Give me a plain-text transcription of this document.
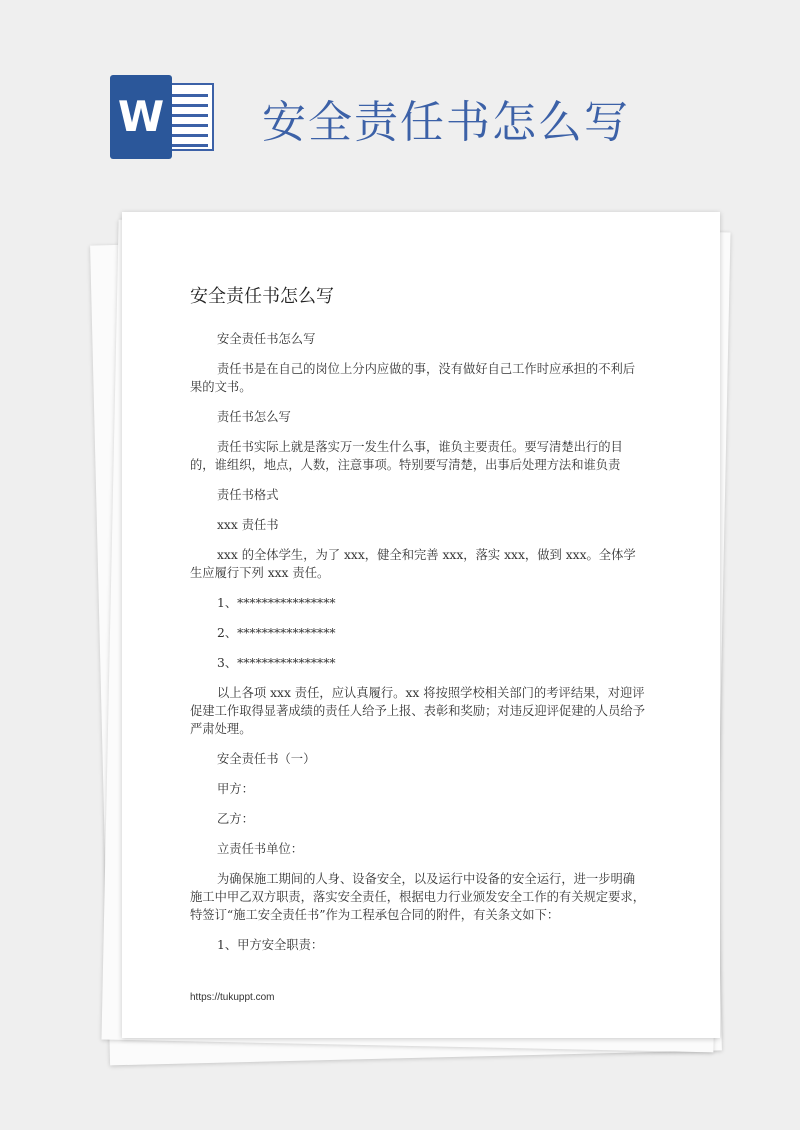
W 安全责任书怎么写
安全责任书怎么写

安全责任书怎么写

责任书是在自己的岗位上分内应做的事，没有做好自己工作时应承担的不利后果的文书。

责任书怎么写

责任书实际上就是落实万一发生什么事，谁负主要责任。要写清楚出行的目的，谁组织，地点，人数，注意事项。特别要写清楚，出事后处理方法和谁负责

责任书格式

xxx 责任书

xxx 的全体学生，为了 xxx，健全和完善 xxx，落实 xxx，做到 xxx。全体学生应履行下列 xxx 责任。

1、****************

2、****************

3、****************

以上各项 xxx 责任，应认真履行。xx 将按照学校相关部门的考评结果，对迎评促建工作取得显著成绩的责任人给予上报、表彰和奖励；对违反迎评促建的人员给予严肃处理。

安全责任书（一）

甲方：

乙方：

立责任书单位：

为确保施工期间的人身、设备安全，以及运行中设备的安全运行，进一步明确施工中甲乙双方职责，落实安全责任，根据电力行业颁发安全工作的有关规定要求，特签订“施工安全责任书”作为工程承包合同的附件，有关条文如下：

1、甲方安全职责：

https://tukuppt.com
